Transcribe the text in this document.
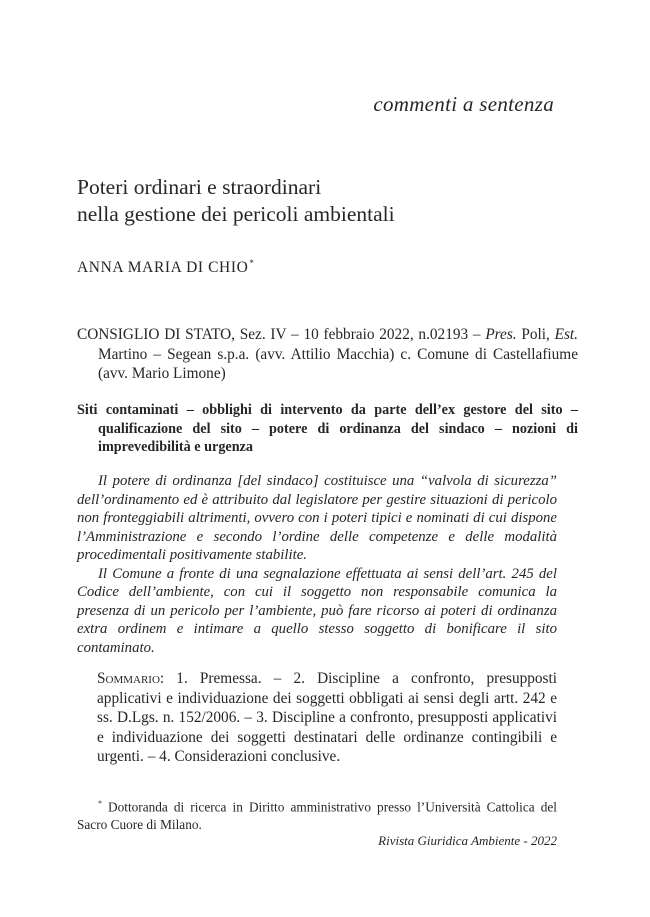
commenti a sentenza
Poteri ordinari e straordinari
nella gestione dei pericoli ambientali
ANNA MARIA DI CHIO*
CONSIGLIO DI STATO, Sez. IV – 10 febbraio 2022, n.02193 – Pres. Poli, Est. Martino – Segean s.p.a. (avv. Attilio Macchia) c. Comune di Castellafiume (avv. Mario Limone)
Siti contaminati – obblighi di intervento da parte dell’ex gestore del sito – qualificazione del sito – potere di ordinanza del sindaco – nozioni di imprevedibilità e urgenza

Il potere di ordinanza [del sindaco] costituisce una “valvola di sicurezza” dell’ordinamento ed è attribuito dal legislatore per gestire situazioni di pericolo non fronteggiabili altrimenti, ovvero con i poteri tipici e nominati di cui dispone l’Amministrazione e secondo l’ordine delle competenze e delle modalità procedimentali positivamente stabilite.

Il Comune a fronte di una segnalazione effettuata ai sensi dell’art. 245 del Codice dell’ambiente, con cui il soggetto non responsabile comunica la presenza di un pericolo per l’ambiente, può fare ricorso ai poteri di ordinanza extra ordinem e intimare a quello stesso soggetto di bonificare il sito contaminato.

Sommario: 1. Premessa. – 2. Discipline a confronto, presupposti applicativi e individuazione dei soggetti obbligati ai sensi degli artt. 242 e ss. D.Lgs. n. 152/2006. – 3. Discipline a confronto, presupposti applicativi e individuazione dei soggetti destinatari delle ordinanze contingibili e urgenti. – 4. Considerazioni conclusive.
* Dottoranda di ricerca in Diritto amministrativo presso l’Università Cattolica del Sacro Cuore di Milano.
Rivista Giuridica Ambiente - 2022
